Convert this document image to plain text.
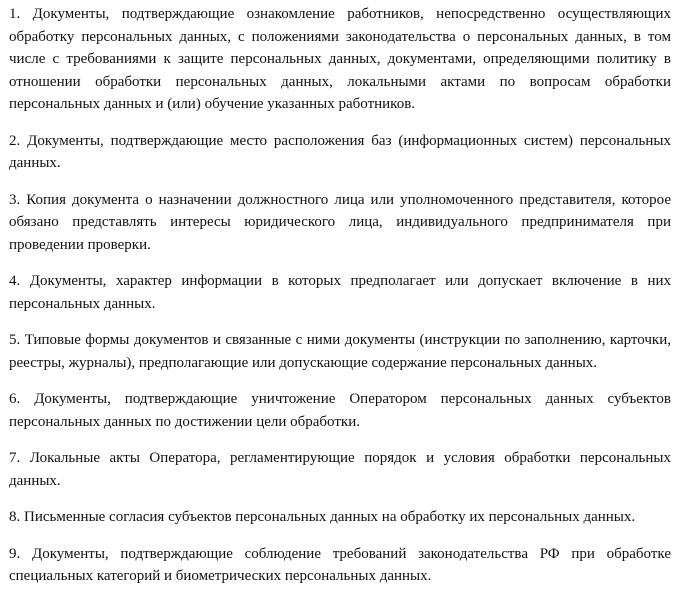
1. Документы, подтверждающие ознакомление работников, непосредственно осуществляющих обработку персональных данных, с положениями законодательства о персональных данных, в том числе с требованиями к защите персональных данных, документами, определяющими политику в отношении обработки персональных данных, локальными актами по вопросам обработки персональных данных и (или) обучение указанных работников.

2. Документы, подтверждающие место расположения баз (информационных систем) персональных данных.

3. Копия документа о назначении должностного лица или уполномоченного представителя, которое обязано представлять интересы юридического лица, индивидуального предпринимателя при проведении проверки.

4. Документы, характер информации в которых предполагает или допускает включение в них персональных данных.

5. Типовые формы документов и связанные с ними документы (инструкции по заполнению, карточки, реестры, журналы), предполагающие или допускающие содержание персональных данных.

6. Документы, подтверждающие уничтожение Оператором персональных данных субъектов персональных данных по достижении цели обработки.

7. Локальные акты Оператора, регламентирующие порядок и условия обработки персональных данных.

8. Письменные согласия субъектов персональных данных на обработку их персональных данных.

9. Документы, подтверждающие соблюдение требований законодательства РФ при обработке специальных категорий и биометрических персональных данных.
